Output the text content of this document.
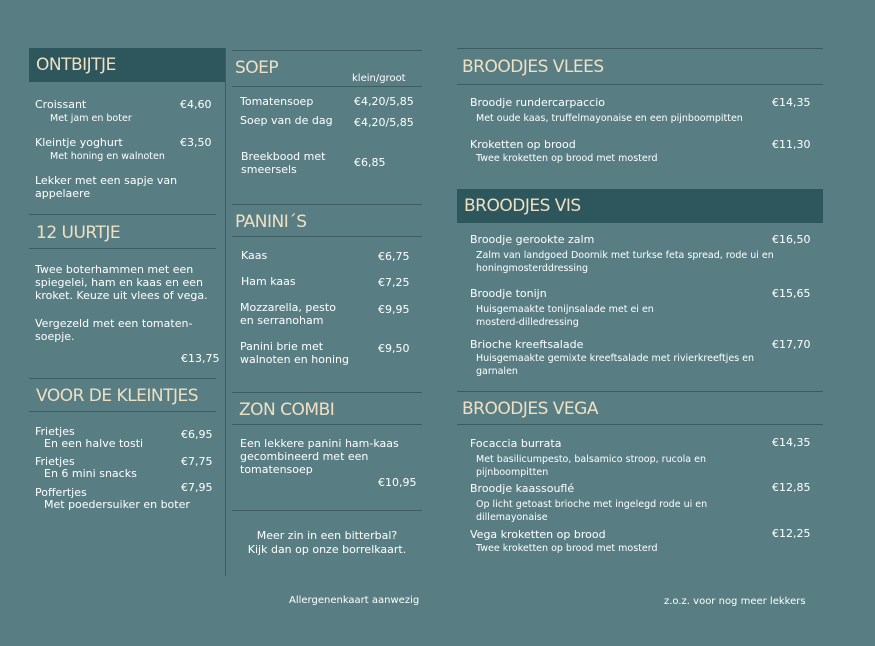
ONTBIJTJE
Croissant	€4,60
Met jam en boter
Kleintje yoghurt	€3,50
Met honing en walnoten
Lekker met een sapje van appelaere
12 UURTJE
Twee boterhammen met een spiegelei, ham en kaas en een kroket. Keuze uit vlees of vega.
Vergezeld met een tomaten-soepje.
€13,75
VOOR DE KLEINTJES
Frietjes	€6,95
En een halve tosti
Frietjes	€7,75
En 6 mini snacks
Poffertjes	€7,95
Met poedersuiker en boter
SOEP
klein/groot
Tomatensoep	€4,20/5,85
Soep van de dag €4,20/5,85
Breekbood met smeersels
€6,85
PANINI´S
Kaas	€6,75
Ham kaas	€7,25
Mozzarella, pesto en serranoham
€9,95
Panini brie met walnoten en honing
€9,50
ZON COMBI
Een lekkere panini ham-kaas gecombineerd met een tomatensoep
€10,95
Meer zin in een bitterbal?
Kijk dan op onze borrelkaart.
BROODJES VLEES
Broodje rundercarpaccio	€14,35
Met oude kaas, truffelmayonaise en een pijnboompitten
Kroketten op brood	€11,30
Twee kroketten op brood met mosterd
BROODJES VIS
Broodje gerookte zalm	€16,50
Zalm van landgoed Doornik met turkse feta spread, rode ui en honingmosterddressing
Broodje tonijn	€15,65
Huisgemaakte tonijnsalade met ei en mosterd-dilledressing
Brioche kreeftsalade	€17,70
Huisgemaakte gemixte kreeftsalade met rivierkreeftjes en garnalen
BROODJES VEGA
Focaccia burrata	€14,35
Met basilicumpesto, balsamico stroop, rucola en pijnboompitten
Broodje kaassouflé	€12,85
Op licht getoast brioche met ingelegd rode ui en dillemayonaise
Vega kroketten op brood	€12,25
Twee kroketten op brood met mosterd
Allergenenkaart aanwezig	z.o.z. voor nog meer lekkers
